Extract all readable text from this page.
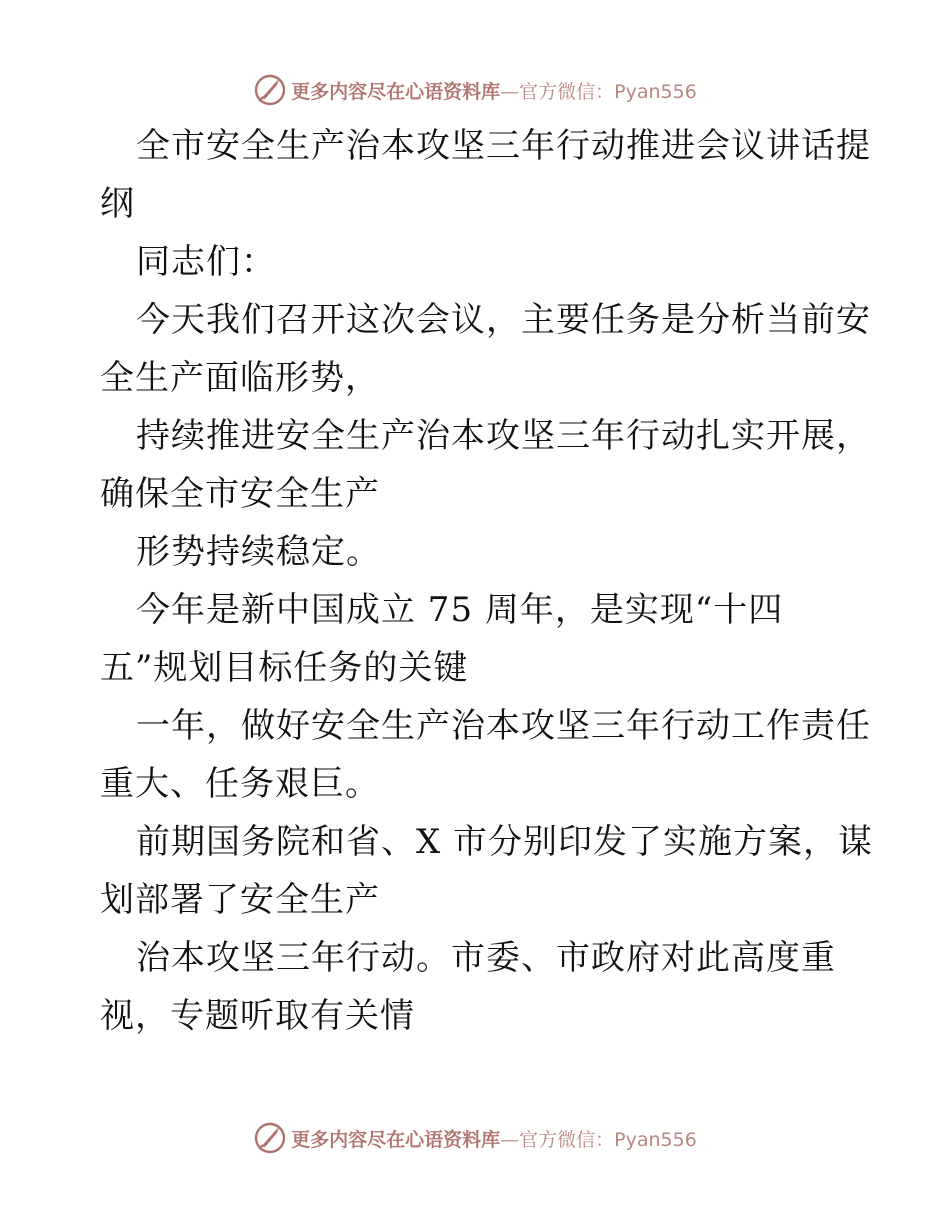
更多内容尽在心语资料库—官方微信：Pyan556
全市安全生产治本攻坚三年行动推进会议讲话提
纲
同志们：
今天我们召开这次会议，主要任务是分析当前安
全生产面临形势，
持续推进安全生产治本攻坚三年行动扎实开展，
确保全市安全生产
形势持续稳定。
今年是新中国成立 75 周年，是实现“十四
五”规划目标任务的关键
一年，做好安全生产治本攻坚三年行动工作责任
重大、任务艰巨。
前期国务院和省、X 市分别印发了实施方案，谋
划部署了安全生产
治本攻坚三年行动。市委、市政府对此高度重
视，专题听取有关情
更多内容尽在心语资料库—官方微信：Pyan556
